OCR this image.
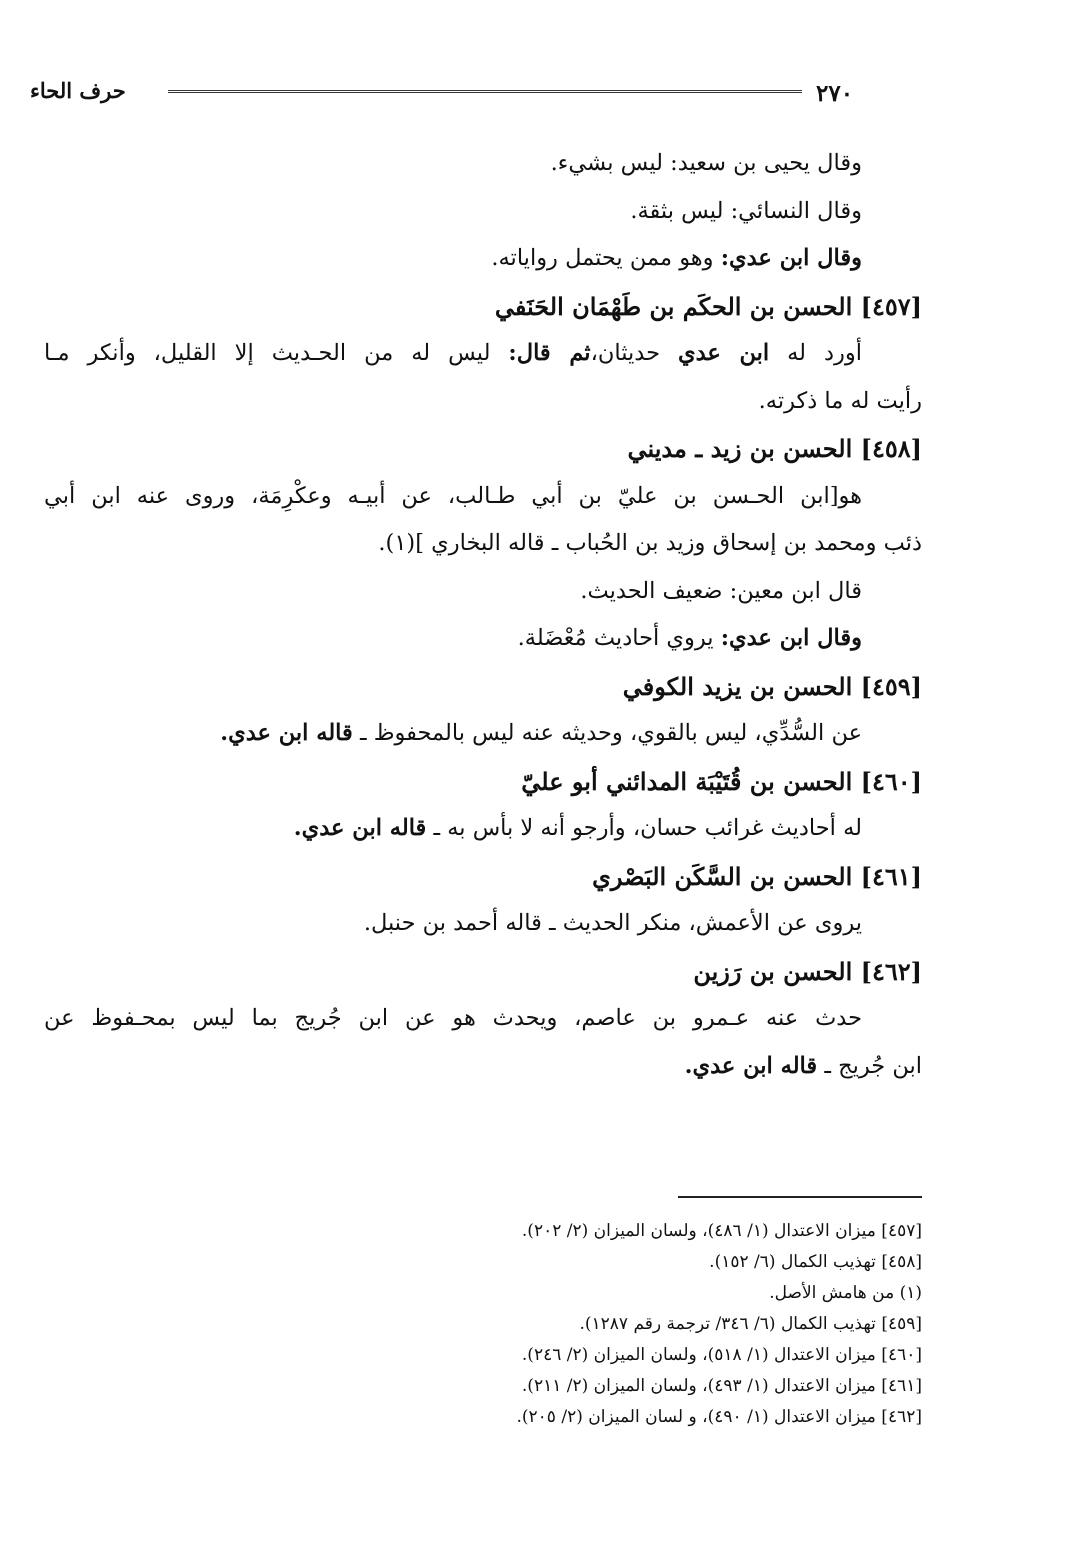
حرف الحاء	٢٧٠
وقال يحيى بن سعيد: ليس بشيء.
وقال النسائي: ليس بثقة.
وقال ابن عدي: وهو ممن يحتمل رواياته.
[٤٥٧] الحسن بن الحكَم بن طَهْمَان الحَنَفي
أورد له ابن عدي حديثان،ثم قال: ليس له من الحـديث إلا القليل، وأنكر مـا
رأيت له ما ذكرته.
[٤٥٨] الحسن بن زيد ـ مديني
هو[ابن الحـسن بن عليّ بن أبي طـالب، عن أبيـه وعكْرِمَة، وروى عنه ابن أبي
ذئب ومحمد بن إسحاق وزيد بن الحُباب ـ قاله البخاري ](١).
قال ابن معين: ضعيف الحديث.
وقال ابن عدي: يروي أحاديث مُعْضَلة.
[٤٥٩] الحسن بن يزيد الكوفي
عن السُّدِّي، ليس بالقوي، وحديثه عنه ليس بالمحفوظ ـ قاله ابن عدي.
[٤٦٠] الحسن بن قُتَيْبَة المدائني أبو عليّ
له أحاديث غرائب حسان، وأرجو أنه لا بأس به ـ قاله ابن عدي.
[٤٦١] الحسن بن السَّكَن البَصْري
يروى عن الأعمش، منكر الحديث ـ قاله أحمد بن حنبل.
[٤٦٢] الحسن بن رَزين
حدث عنه عـمرو بن عاصم، ويحدث هو عن ابن جُريج بما ليس بمحـفوظ عن
ابن جُريج ـ قاله ابن عدي.
[٤٥٧] ميزان الاعتدال (١/ ٤٨٦)، ولسان الميزان (٢/ ٢٠٢).
[٤٥٨] تهذيب الكمال (٦/ ١٥٢).
(١) من هامش الأصل.
[٤٥٩] تهذيب الكمال (٦/ ٣٤٦/ ترجمة رقم ١٢٨٧).
[٤٦٠] ميزان الاعتدال (١/ ٥١٨)، ولسان الميزان (٢/ ٢٤٦).
[٤٦١] ميزان الاعتدال (١/ ٤٩٣)، ولسان الميزان (٢/ ٢١١).
[٤٦٢] ميزان الاعتدال (١/ ٤٩٠)، و لسان الميزان (٢/ ٢٠٥).
